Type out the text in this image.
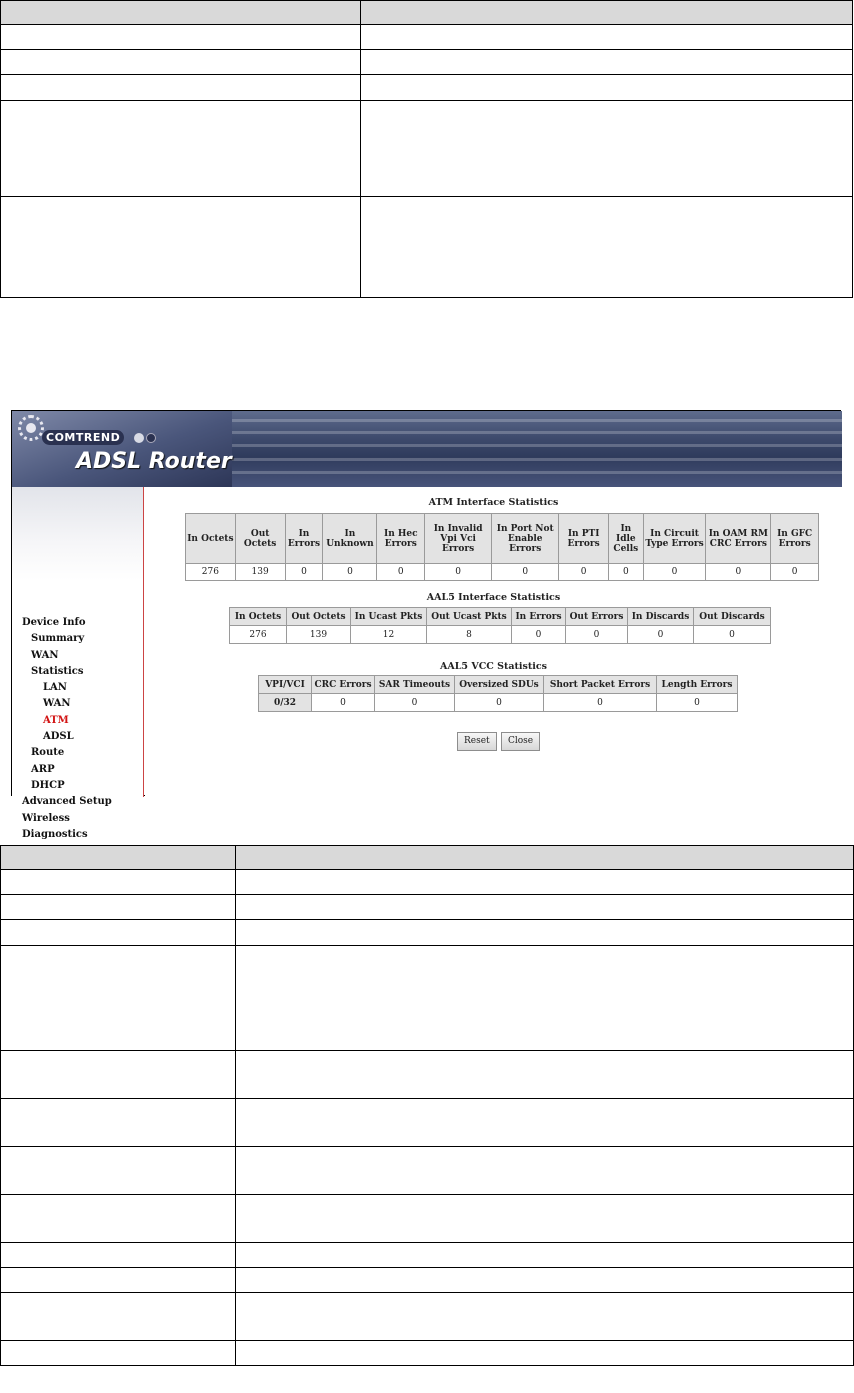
COMTREND
ADSL Router
Device Info
Summary
WAN
Statistics
LAN
WAN
ATM
ADSL
Route
ARP
DHCP
Advanced Setup
Wireless
Diagnostics
ATM Interface Statistics
In Octets	Out Octets	In Errors	In Unknown	In Hec Errors	In Invalid Vpi Vci Errors	In Port Not Enable Errors	In PTI Errors	In Idle Cells	In Circuit Type Errors	In OAM RM CRC Errors	In GFC Errors
276	139	0	0	0	0	0	0	0	0	0	0
AAL5 Interface Statistics
In Octets	Out Octets	In Ucast Pkts	Out Ucast Pkts	In Errors	Out Errors	In Discards	Out Discards
276	139	12	8	0	0	0	0
AAL5 VCC Statistics
VPI/VCI	CRC Errors	SAR Timeouts	Oversized SDUs	Short Packet Errors	Length Errors
0/32	0	0	0	0	0
Reset	Close
